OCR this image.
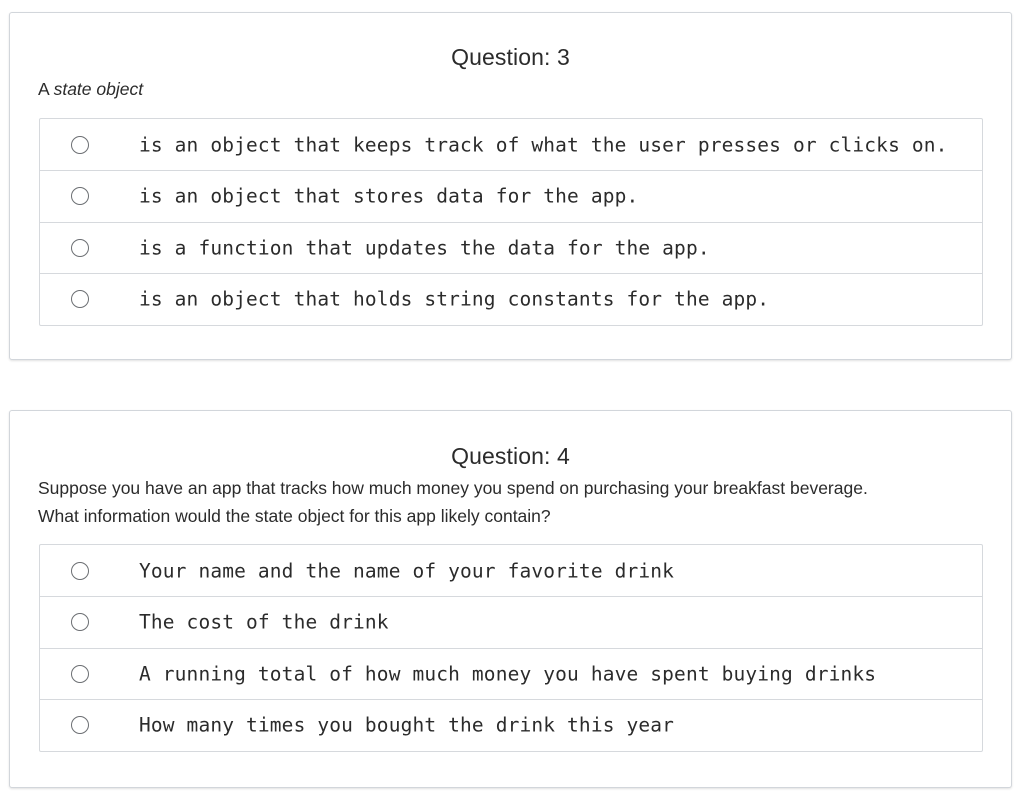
Question: 3
A state object
is an object that keeps track of what the user presses or clicks on.
is an object that stores data for the app.
is a function that updates the data for the app.
is an object that holds string constants for the app.
Question: 4
Suppose you have an app that tracks how much money you spend on purchasing your breakfast beverage.
What information would the state object for this app likely contain?
Your name and the name of your favorite drink
The cost of the drink
A running total of how much money you have spent buying drinks
How many times you bought the drink this year
